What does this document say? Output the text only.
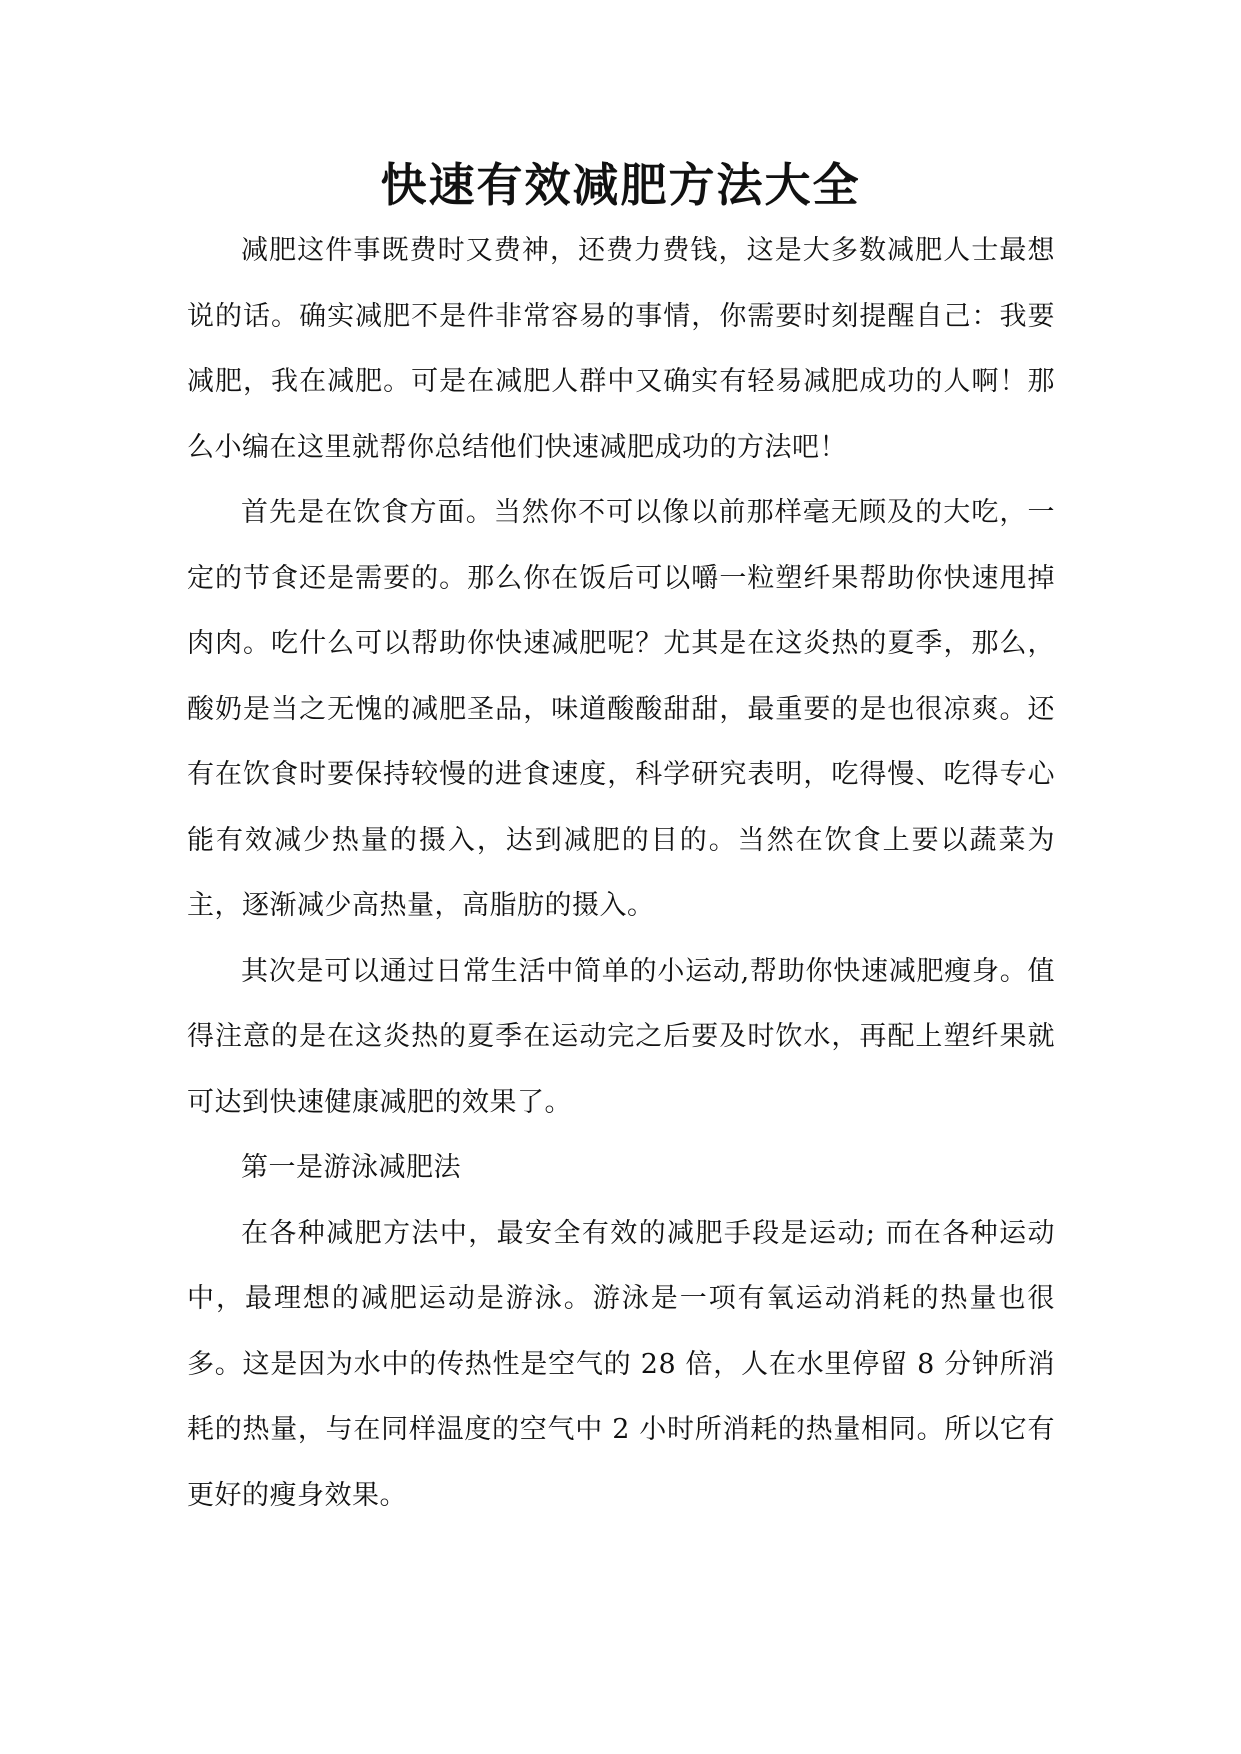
快速有效减肥方法大全

减肥这件事既费时又费神，还费力费钱，这是大多数减肥人士最想说的话。确实减肥不是件非常容易的事情，你需要时刻提醒自己：我要减肥，我在减肥。可是在减肥人群中又确实有轻易减肥成功的人啊！那么小编在这里就帮你总结他们快速减肥成功的方法吧！

首先是在饮食方面。当然你不可以像以前那样毫无顾及的大吃，一定的节食还是需要的。那么你在饭后可以嚼一粒塑纤果帮助你快速甩掉肉肉。吃什么可以帮助你快速减肥呢？尤其是在这炎热的夏季，那么，酸奶是当之无愧的减肥圣品，味道酸酸甜甜，最重要的是也很凉爽。还有在饮食时要保持较慢的进食速度，科学研究表明，吃得慢、吃得专心能有效减少热量的摄入，达到减肥的目的。当然在饮食上要以蔬菜为主，逐渐减少高热量，高脂肪的摄入。

其次是可以通过日常生活中简单的小运动,帮助你快速减肥瘦身。值得注意的是在这炎热的夏季在运动完之后要及时饮水，再配上塑纤果就可达到快速健康减肥的效果了。

第一是游泳减肥法

在各种减肥方法中，最安全有效的减肥手段是运动; 而在各种运动中，最理想的减肥运动是游泳。游泳是一项有氧运动消耗的热量也很多。这是因为水中的传热性是空气的 28 倍，人在水里停留 8 分钟所消耗的热量，与在同样温度的空气中 2 小时所消耗的热量相同。所以它有更好的瘦身效果。
